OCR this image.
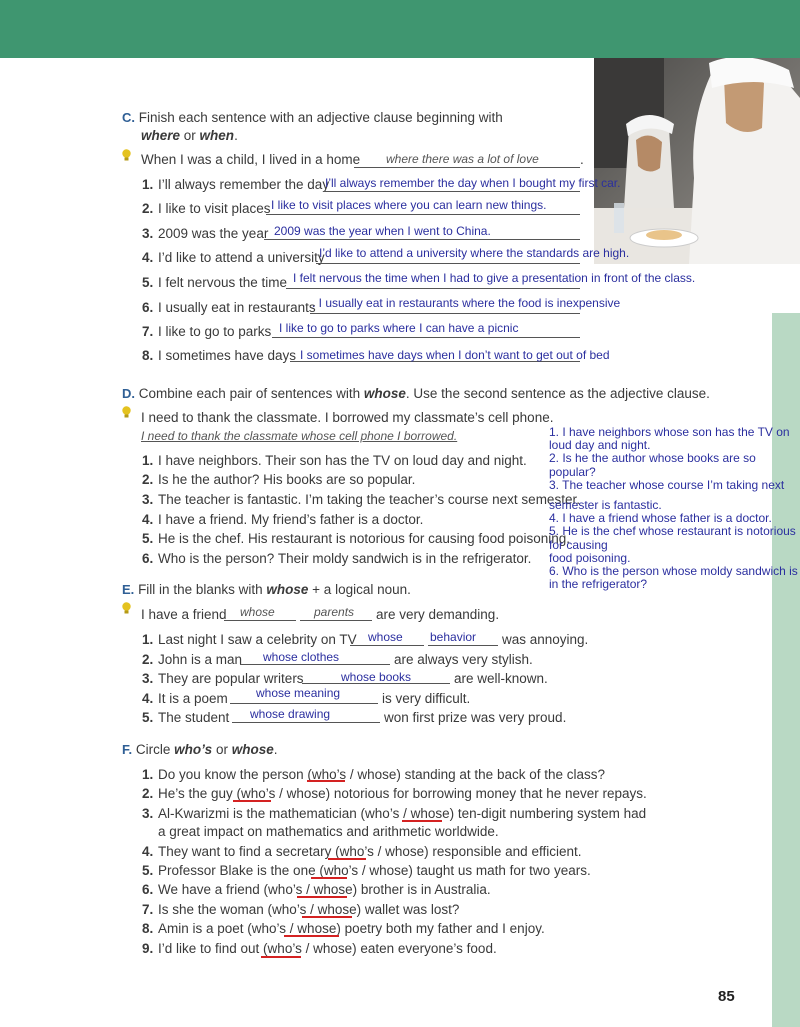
C. Finish each sentence with an adjective clause beginning with
where or when.
When I was a child, I lived in a home where there was a lot of love	.
1. I’ll always remember the day
I’ll always remember the day when I bought my first car.
2. I like to visit places I like to visit places where you can learn new things.
3. 2009 was the year 2009 was the year when I went to China.
4. I’d like to attend a university
I’d like to attend a university where the standards are high.
5. I felt nervous the time I felt nervous the time when I had to give a presentation in front of the class.
6. I usually eat in restaurants
. I usually eat in restaurants where the food is inexpensive
7. I like to go to parks I like to go to parks where I can have a picnic
8. I sometimes have days I sometimes have days when I don’t want to get out of bed
D. Combine each pair of sentences with whose. Use the second sentence as the adjective clause.
I need to thank the classmate. I borrowed my classmate’s cell phone.
I need to thank the classmate whose cell phone I borrowed.
1. I have neighbors. Their son has the TV on loud day and night.
2. Is he the author? His books are so popular.
3. The teacher is fantastic. I’m taking the teacher’s course next semester.
4. I have a friend. My friend’s father is a doctor.
5. He is the chef. His restaurant is notorious for causing food poisoning.
6. Who is the person? Their moldy sandwich is in the refrigerator.
1. I have neighbors whose son has the TV on loud day and night.
2. Is he the author whose books are so popular?
3. The teacher whose course I’m taking next
semester is fantastic.
4. I have a friend whose father is a doctor.
5. He is the chef whose restaurant is notorious for causing
food poisoning.
6. Who is the person whose moldy sandwich is in the refrigerator?
E. Fill in the blanks with whose + a logical noun.
I have a friend whose	parents are very demanding.
1. Last night I saw a celebrity on TV whose behavior was annoying.
2. John is a man whose clothes	are always very stylish.
3. They are popular writers	whose books	are well-known.
4. It is a poem whose meaning	is very difficult.
5. The student whose drawing	won first prize was very proud.
F. Circle who’s or whose.
1. Do you know the person (who’s / whose) standing at the back of the class?
2. He’s the guy (who’s / whose) notorious for borrowing money that he never repays.
3. Al-Kwarizmi is the mathematician (who’s / whose) ten-digit numbering system had
a great impact on mathematics and arithmetic worldwide.
4. They want to find a secretary (who’s / whose) responsible and efficient.
5. Professor Blake is the one (who’s / whose) taught us math for two years.
6. We have a friend (who’s / whose) brother is in Australia.
7. Is she the woman (who’s / whose) wallet was lost?
8. Amin is a poet (who’s / whose) poetry both my father and I enjoy.
9. I’d like to find out (who’s / whose) eaten everyone’s food.
85
